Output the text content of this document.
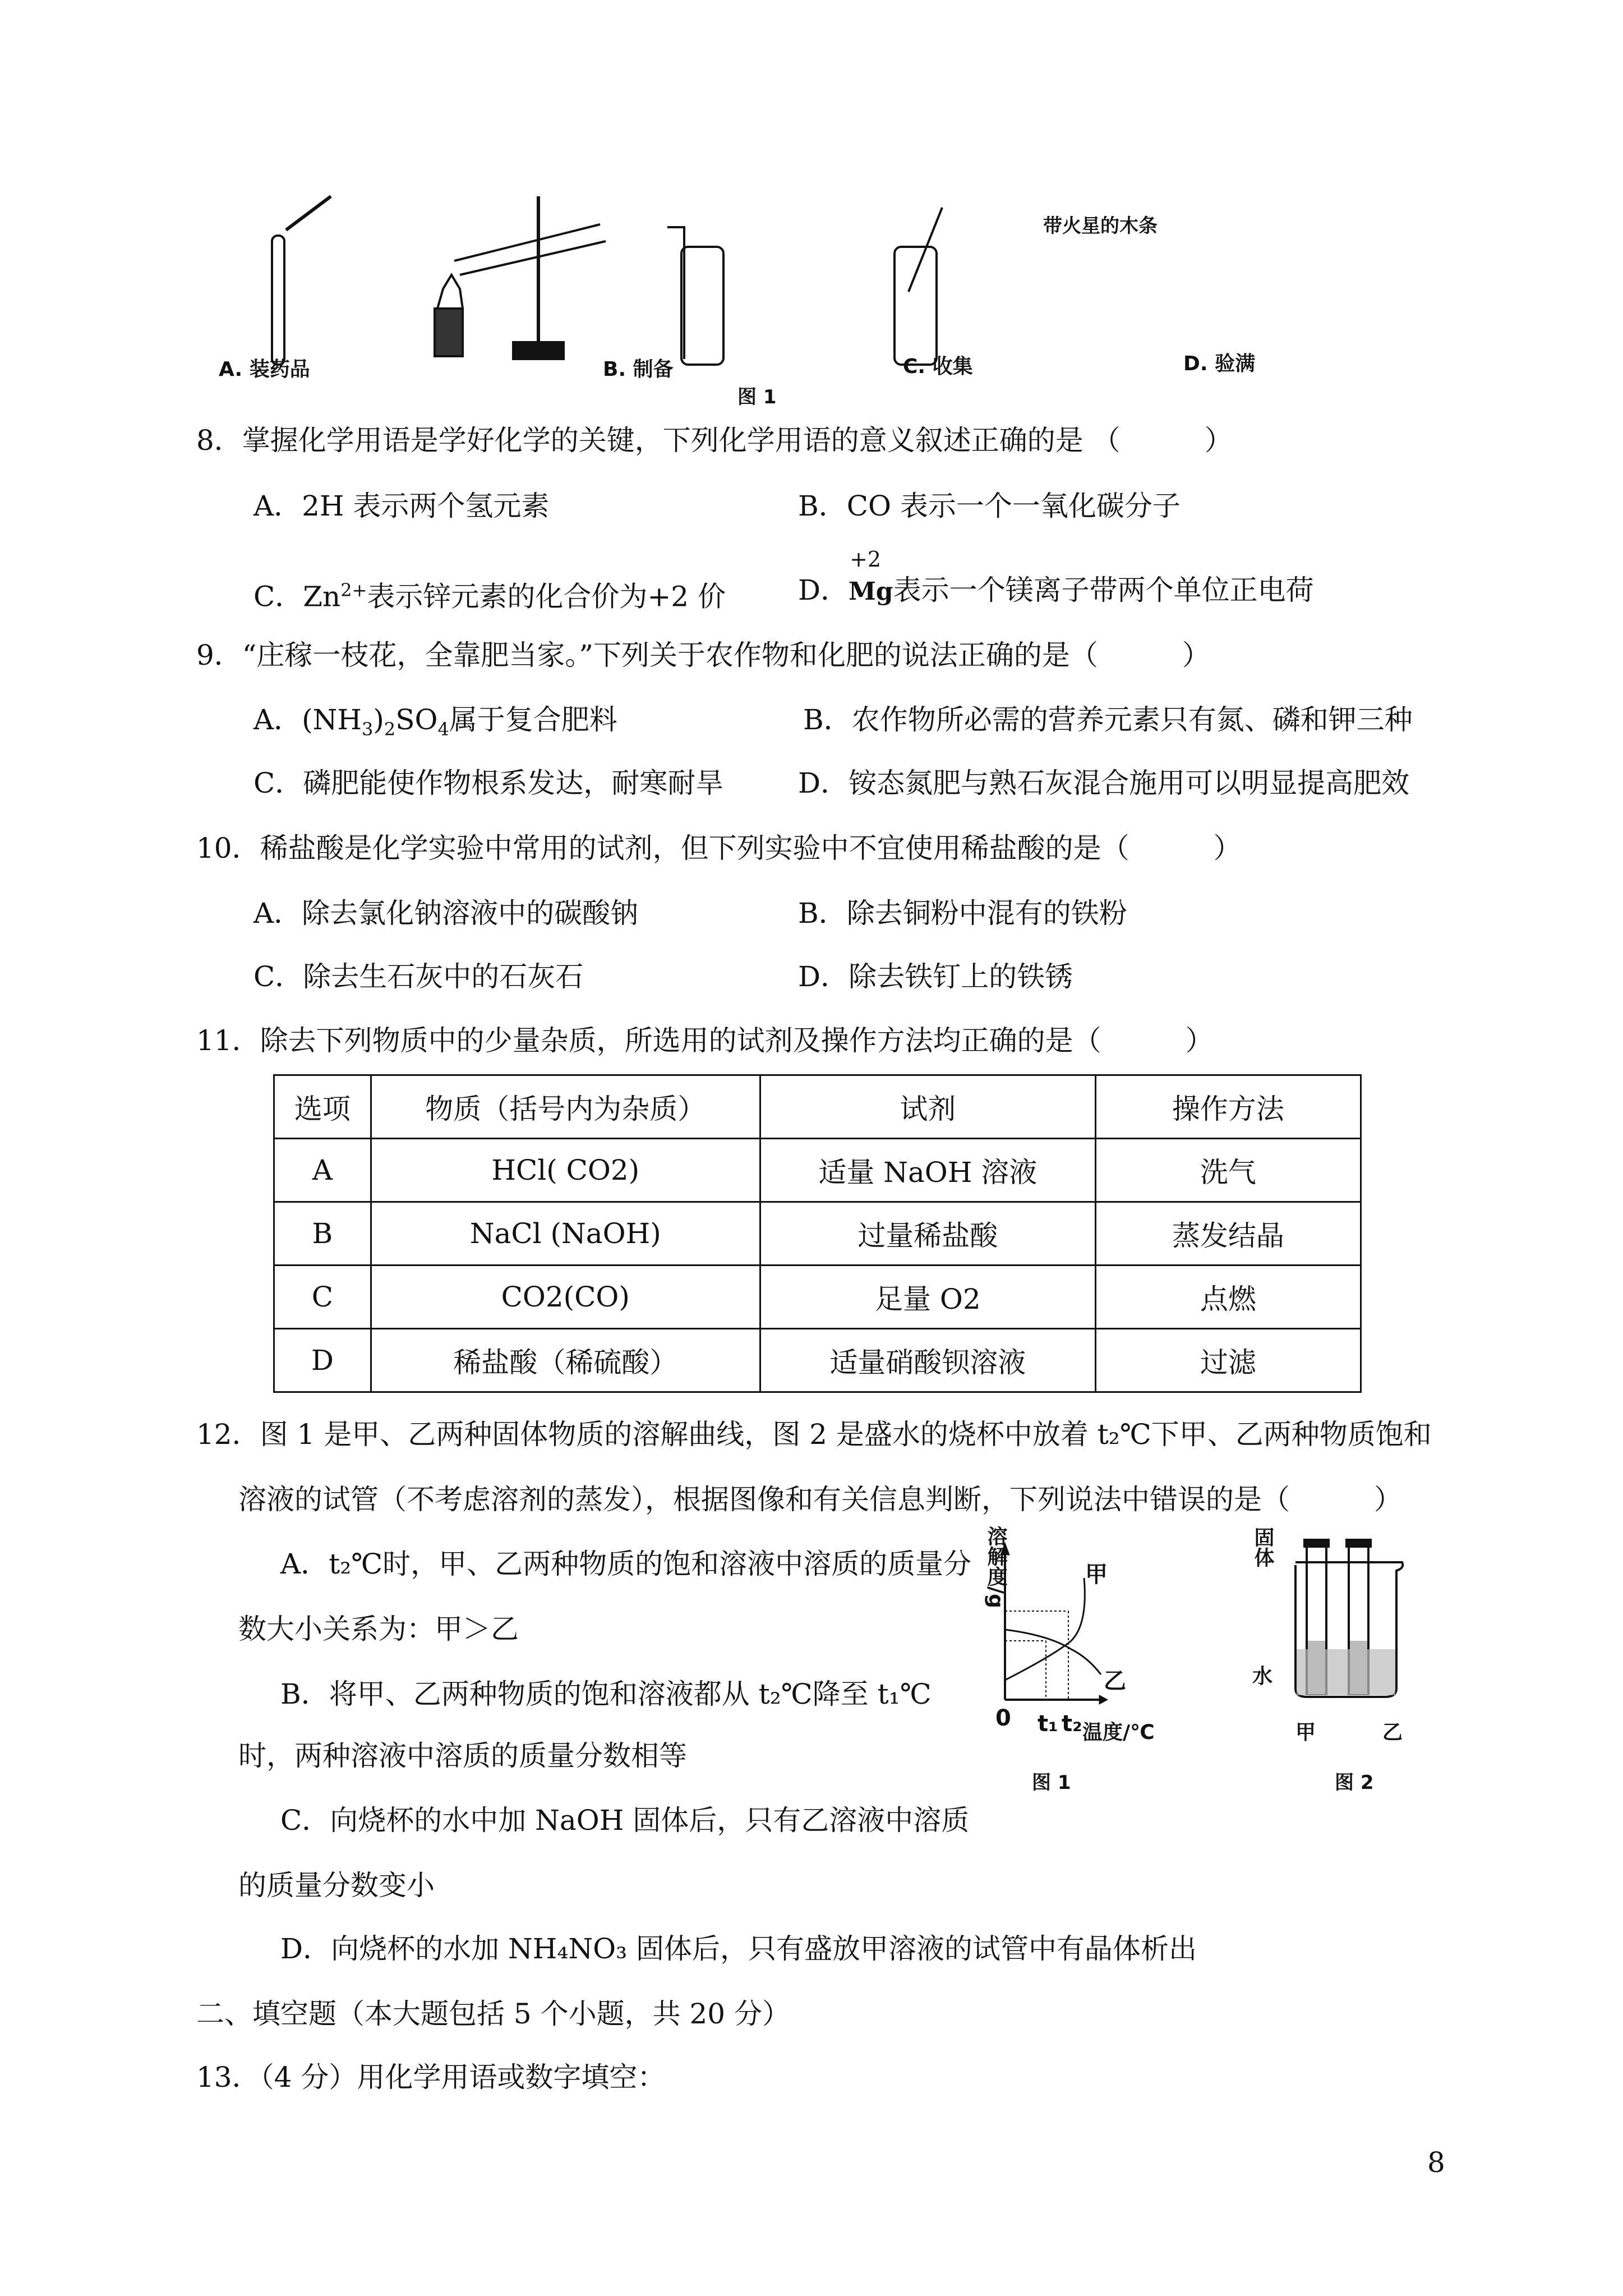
A. 装药品	B. 制备	C. 收集	D. 验满
带火星的木条
图 1
8．掌握化学用语是学好化学的关键，下列化学用语的意义叙述正确的是 （　　　）
A．2H 表示两个氢元素	B．CO 表示一个一氧化碳分子
C．$Zn^{2+}$表示锌元素的化合价为+2 价	D．
+2
Mg表示一个镁离子带两个单位正电荷
9．“庄稼一枝花，全靠肥当家。”下列关于农作物和化肥的说法正确的是（　　　）
A．$(NH_3)_2SO_4$属于复合肥料	B．农作物所必需的营养元素只有氮、磷和钾三种
C．磷肥能使作物根系发达，耐寒耐旱	D．铵态氮肥与熟石灰混合施用可以明显提高肥效
10．稀盐酸是化学实验中常用的试剂，但下列实验中不宜使用稀盐酸的是（　　　）
A．除去氯化钠溶液中的碳酸钠	B．除去铜粉中混有的铁粉
C．除去生石灰中的石灰石	D．除去铁钉上的铁锈
11．除去下列物质中的少量杂质，所选用的试剂及操作方法均正确的是（　　　）
选项	物质（括号内为杂质）	试剂	操作方法
A	HCl( CO2)	适量 NaOH 溶液	洗气
B	NaCl (NaOH)	过量稀盐酸	蒸发结晶
C	CO2(CO)	足量 O2	点燃
D	稀盐酸（稀硫酸）	适量硝酸钡溶液	过滤
12．图 1 是甲、乙两种固体物质的溶解曲线，图 2 是盛水的烧杯中放着 t₂℃下甲、乙两种物质饱和
溶液的试管（不考虑溶剂的蒸发），根据图像和有关信息判断，下列说法中错误的是（　　　）
A．t₂℃时，甲、乙两种物质的饱和溶液中溶质的质量分
数大小关系为：甲＞乙
B．将甲、乙两种物质的饱和溶液都从 t₂℃降至 t₁℃
时，两种溶液中溶质的质量分数相等
C．向烧杯的水中加 NaOH 固体后，只有乙溶液中溶质
的质量分数变小
D．向烧杯的水加 NH₄NO₃ 固体后，只有盛放甲溶液的试管中有晶体析出
溶解度/g
0 t₁ t₂ 温度/℃
甲
乙
图 1
固体
水
甲	乙
图 2
二、填空题（本大题包括 5 个小题，共 20 分）
13．（4 分）用化学用语或数字填空：
8
